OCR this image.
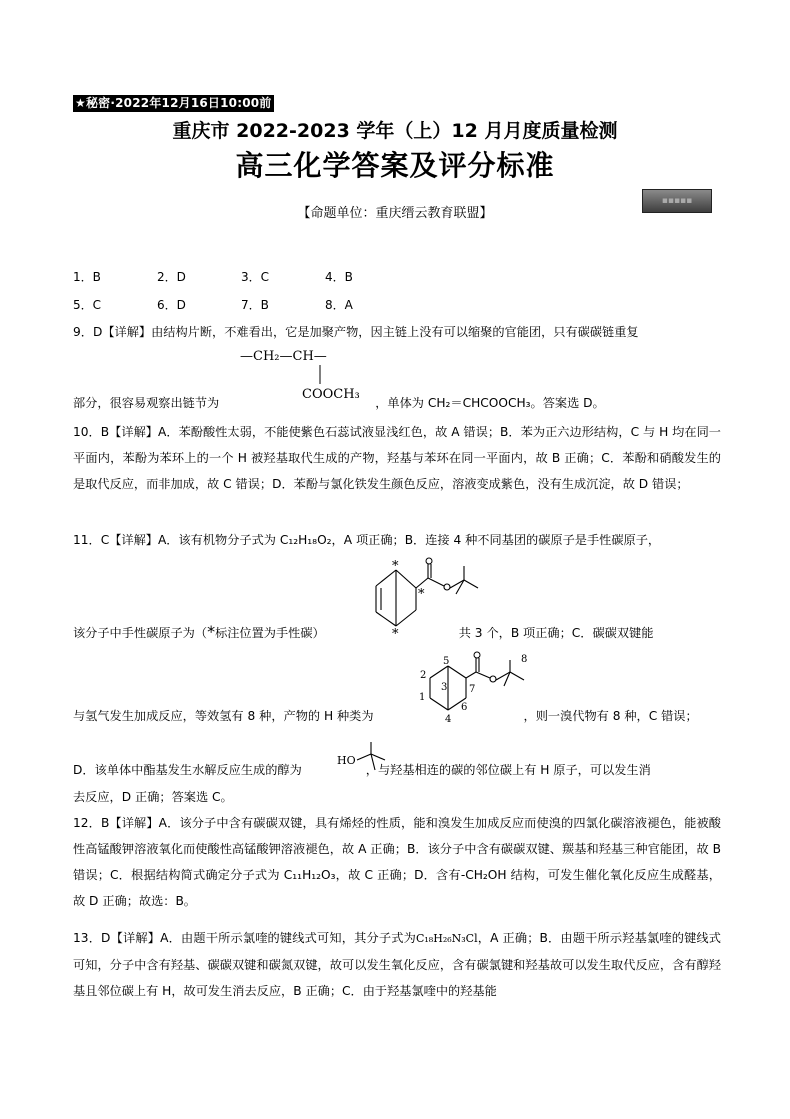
★秘密·2022年12月16日10:00前
重庆市 2022-2023 学年（上）12 月月度质量检测
高三化学答案及评分标准
▪▪▪▪▪
【命题单位：重庆缙云教育联盟】
1．B	2．D	3．C	4．B
5．C	6．D	7．B	8．A
9．D【详解】由结构片断，不难看出，它是加聚产物，因主链上没有可以缩聚的官能团，只有碳碳链重复
—CH₂—CH—
COOCH₃
部分，很容易观察出链节为	，单体为 CH₂＝CHCOOCH₃。答案选 D。
10．B【详解】A．苯酚酸性太弱，不能使紫色石蕊试液显浅红色，故 A 错误；B．苯为正六边形结构，C 与 H 均在同一平面内，苯酚为苯环上的一个 H 被羟基取代生成的产物，羟基与苯环在同一平面内，故 B 正确；C．苯酚和硝酸发生的是取代反应，而非加成，故 C 错误；D．苯酚与氯化铁发生颜色反应，溶液变成紫色，没有生成沉淀，故 D 错误；
11．C【详解】A．该有机物分子式为 C₁₂H₁₈O₂，A 项正确；B．连接 4 种不同基团的碳原子是手性碳原子，
*
*
*
该分子中手性碳原子为（*标注位置为手性碳）	共 3 个，B 项正确；C．碳碳双键能
1
2
3
4
5
6
7
8
与氢气发生加成反应，等效氢有 8 种，产物的 H 种类为	，则一溴代物有 8 种，C 错误；
HO
D．该单体中酯基发生水解反应生成的醇为	，与羟基相连的碳的邻位碳上有 H 原子，可以发生消
去反应，D 正确；答案选 C。
12．B【详解】A．该分子中含有碳碳双键，具有烯烃的性质，能和溴发生加成反应而使溴的四氯化碳溶液褪色，能被酸性高锰酸钾溶液氧化而使酸性高锰酸钾溶液褪色，故 A 正确；B．该分子中含有碳碳双键、羰基和羟基三种官能团，故 B 错误；C．根据结构简式确定分子式为 C₁₁H₁₂O₃，故 C 正确；D．含有-CH₂OH 结构，可发生催化氧化反应生成醛基，故 D 正确；故选：B。
13．D【详解】A．由题干所示氯喹的键线式可知，其分子式为C₁₈H₂₆N₃Cl，A 正确；B．由题干所示羟基氯喹的键线式可知，分子中含有羟基、碳碳双键和碳氮双键，故可以发生氧化反应，含有碳氯键和羟基故可以发生取代反应，含有醇羟基且邻位碳上有 H，故可发生消去反应，B 正确；C．由于羟基氯喹中的羟基能
